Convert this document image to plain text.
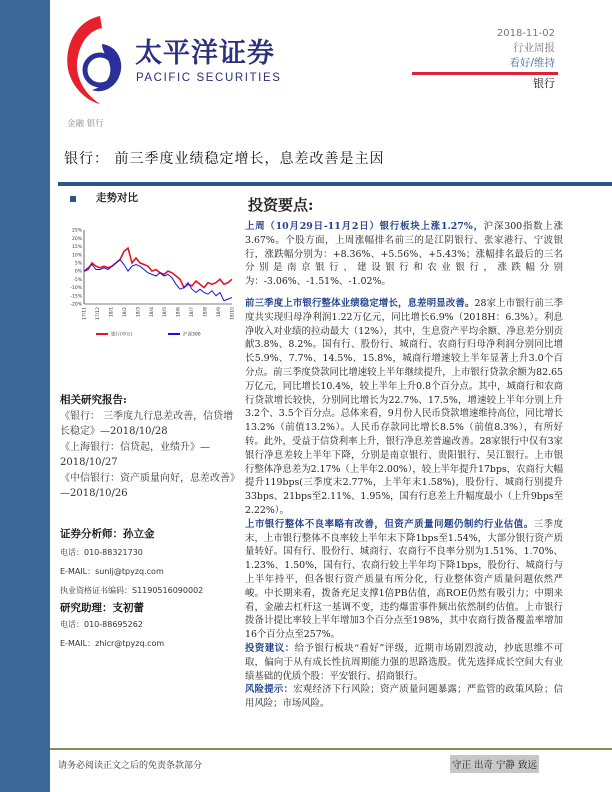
太平洋证券
PACIFIC SECURITIES
2018-11-02
行业周报
看好/维持
银行
金融 银行
银行： 前三季度业绩稳定增长，息差改善是主因
走势对比
25%
20%
15%
10%
5%
0%
-5%
-10%
-15%
-20%
17/11 17/12 18/1 18/2 18/3 18/4 18/5 18/6 18/7 18/8 18/9 18/10
银行(申万)	沪深300
相关研究报告:
《银行： 三季度九行息差改善，信贷增长稳定》—2018/10/28
《上海银行：信贷起，业绩升》—2018/10/27
《中信银行：资产质量向好，息差改善》—2018/10/26
证券分析师：孙立金
电话：010-88321730
E-MAIL：sunlj@tpyzq.com
执业资格证书编码：S1190516090002
研究助理：支初蕾
电话：010-88695262
E-MAIL：zhicr@tpyzq.com
投资要点:

上周（10月29日-11月2日）银行板块上涨1.27%，沪深300指数上涨3.67%。个股方面，上周涨幅排名前三的是江阴银行、张家港行、宁波银行，涨跌幅分别为：+8.36%、+5.56%、+5.43%；涨幅排名最后的三名分别是南京银行、建设银行和农业银行，涨跌幅分别为：-3.06%、-1.51%、-1.02%。

前三季度上市银行整体业绩稳定增长，息差明显改善。28家上市银行前三季度共实现归母净利润1.22万亿元，同比增长6.9%（2018H：6.3%）。利息净收入对业绩的拉动最大（12%），其中，生息资产平均余额、净息差分别贡献3.8%、8.2%。国有行、股份行、城商行、农商行归母净利润分别同比增长5.9%、7.7%、14.5%、15.8%，城商行增速较上半年显著上升3.0个百分点。前三季度贷款同比增速较上半年继续提升，上市银行贷款余额为82.65万亿元，同比增长10.4%，较上半年上升0.8个百分点。其中，城商行和农商行贷款增长较快，分别同比增长为22.7%、17.5%，增速较上半年分别上升3.2个、3.5个百分点。总体来看，9月份人民币贷款增速维持高位，同比增长13.2%（前值13.2%）。人民币存款同比增长8.5%（前值8.3%），有所好转。此外，受益于信贷利率上升，银行净息差普遍改善。28家银行中仅有3家银行净息差较上半年下降，分别是南京银行、贵阳银行、吴江银行。上市银行整体净息差为2.17%（上半年2.00%），较上半年提升17bps，农商行大幅提升119bps(三季度末2.77%，上半年末1.58%)，股份行、城商行别提升33bps、21bps至2.11%、1.95%，国有行息差上升幅度最小（上升9bps至2.22%）。

上市银行整体不良率略有改善，但资产质量问题仍制约行业估值。三季度末，上市银行整体不良率较上半年末下降1bps至1.54%，大部分银行资产质量转好。国有行、股份行、城商行、农商行不良率分别为1.51%、1.70%、1.23%、1.50%，国有行、农商行较上半年均下降1bps，股份行、城商行与上半年持平，但各银行资产质量有所分化，行业整体资产质量问题依然严峻。中长期来看，拨备充足支撑1倍PB估值，高ROE仍然有吸引力；中期来看，金融去杠杆这一基调不变，违约爆雷事件频出依然制约估值。上市银行拨备计提比率较上半年增加3个百分点至198%，其中农商行拨备覆盖率增加16个百分点至257%。

投资建议：给予银行板块“看好”评级，近期市场剧烈波动，抄底思维不可取，偏向于从有成长性抗周期能力强的思路选股。优先选择成长空间大有业绩基础的优质个股：平安银行、招商银行。

风险提示：宏观经济下行风险；资产质量问题暴露；严监管的政策风险；信用风险；市场风险。

请务必阅读正文之后的免责条款部分	守正 出奇 宁静 致远
